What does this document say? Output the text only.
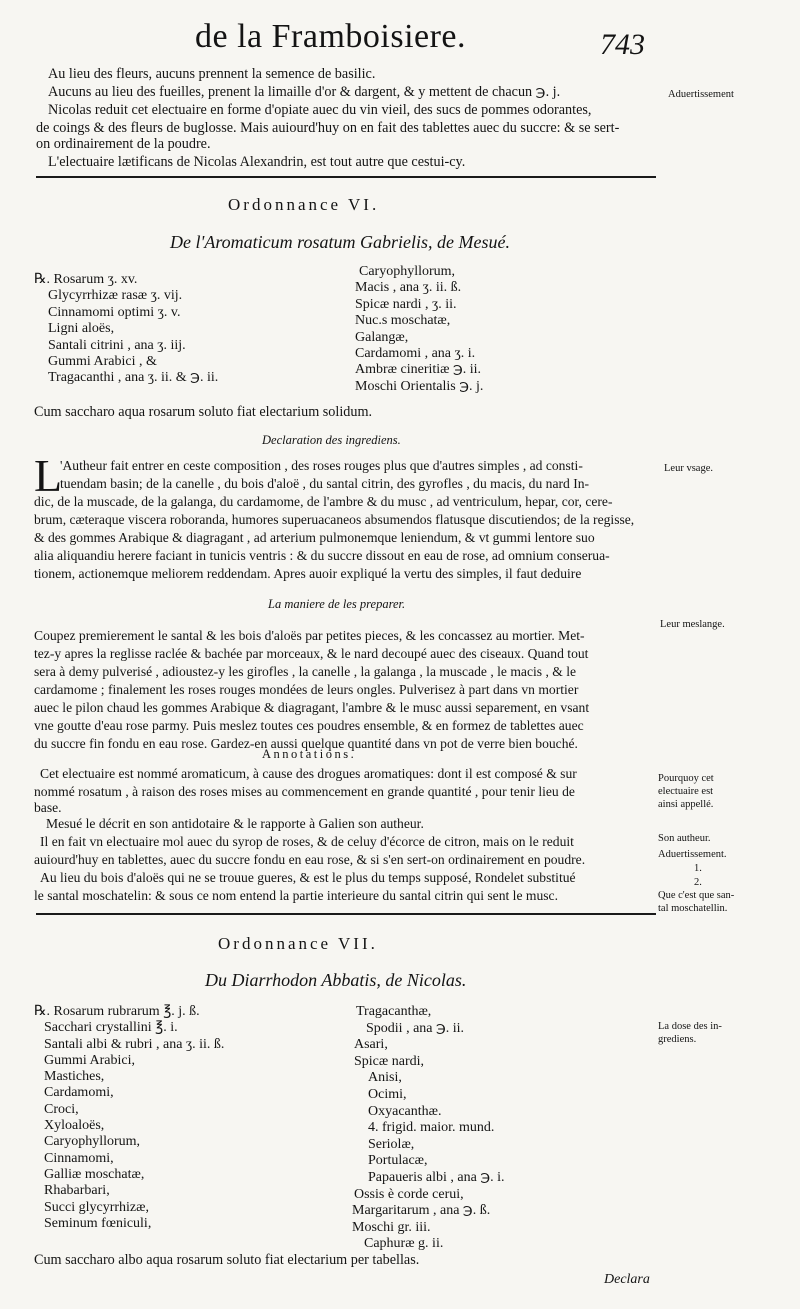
de la Framboisiere.	743
Au lieu des fleurs, aucuns prennent la semence de basilic.
Aucuns au lieu des fueilles, prenent la limaille d'or & dargent, & y mettent de chacun ℈. j.
Nicolas reduit cet electuaire en forme d'opiate auec du vin vieil, des sucs de pommes odorantes,
de coings & des fleurs de buglosse. Mais auiourd'huy on en fait des tablettes auec du succre: & se sert-
on ordinairement de la poudre.
L'electuaire lætificans de Nicolas Alexandrin, est tout autre que cestui-cy.
Aduertissement
Ordonnance VI.
De l'Aromaticum rosatum Gabrielis, de Mesué.
℞. Rosarum ʒ. xv.
Glycyrrhizæ rasæ ʒ. vij.
Cinnamomi optimi ʒ. v.
Ligni aloës,
Santali citrini , ana ʒ. iij.
Gummi Arabici , &
Tragacanthi , ana ʒ. ii. & ℈. ii.
Caryophyllorum,
Macis , ana ʒ. ii. ß.
Spicæ nardi , ʒ. ii.
Nuc.s moschatæ,
Galangæ,
Cardamomi , ana ʒ. i.
Ambræ cineritiæ ℈. ii.
Moschi Orientalis ℈. j.
Cum saccharo aqua rosarum soluto fiat electarium solidum.
Declaration des ingrediens.
L
'Autheur fait entrer en ceste composition , des roses rouges plus que d'autres simples , ad consti-
tuendam basin; de la canelle , du bois d'aloë , du santal citrin, des gyrofles , du macis, du nard In-
dic, de la muscade, de la galanga, du cardamome, de l'ambre & du musc , ad ventriculum, hepar, cor, cere-
brum, cæteraque viscera roboranda, humores superuacaneos absumendos flatusque discutiendos; de la regisse,
& des gommes Arabique & diagragant , ad arterium pulmonemque leniendum, & vt gummi lentore suo
alia aliquandiu herere faciant in tunicis ventris : & du succre dissout en eau de rose, ad omnium conserua-
tionem, actionemque meliorem reddendam. Apres auoir expliqué la vertu des simples, il faut deduire
Leur vsage.
La maniere de les preparer.
Coupez premierement le santal & les bois d'aloës par petites pieces, & les concassez au mortier. Met-
tez-y apres la reglisse raclée & bachée par morceaux, & le nard decoupé auec des ciseaux. Quand tout
sera à demy pulverisé , adioustez-y les girofles , la canelle , la galanga , la muscade , le macis , & le
cardamome ; finalement les roses rouges mondées de leurs ongles. Pulverisez à part dans vn mortier
auec le pilon chaud les gommes Arabique & diagragant, l'ambre & le musc aussi separement, en vsant
vne goutte d'eau rose parmy. Puis meslez toutes ces poudres ensemble, & en formez de tablettes auec
du succre fin fondu en eau rose. Gardez-en aussi quelque quantité dans vn pot de verre bien bouché.
Leur meslange.
Annotations.
Cet electuaire est nommé aromaticum, à cause des drogues aromatiques: dont il est composé & sur
nommé rosatum , à raison des roses mises au commencement en grande quantité , pour tenir lieu de
base.
Mesué le décrit en son antidotaire & le rapporte à Galien son autheur.
Il en fait vn electuaire mol auec du syrop de roses, & de celuy d'écorce de citron, mais on le reduit
auiourd'huy en tablettes, auec du succre fondu en eau rose, & si s'en sert-on ordinairement en poudre.
Au lieu du bois d'aloës qui ne se trouue gueres, & est le plus du temps supposé, Rondelet substitué
le santal moschatelin: & sous ce nom entend la partie interieure du santal citrin qui sent le musc.
Pourquoy cet
electuaire est
ainsi appellé.
Son autheur.
Aduertissement.
1.
2.
Que c'est que san-
tal moschatellin.
Ordonnance VII.
Du Diarrhodon Abbatis, de Nicolas.
℞. Rosarum rubrarum ℥. j. ß.
Sacchari crystallini ℥. i.
Santali albi & rubri , ana ʒ. ii. ß.
Gummi Arabici,
Mastiches,
Cardamomi,
Croci,
Xyloaloës,
Caryophyllorum,
Cinnamomi,
Galliæ moschatæ,
Rhabarbari,
Succi glycyrrhizæ,
Seminum fœniculi,
Tragacanthæ,
Spodii , ana ℈. ii.
Asari,
Spicæ nardi,
Anisi,
Ocimi,
Oxyacanthæ.
4. frigid. maior. mund.
Seriolæ,
Portulacæ,
Papaueris albi , ana ℈. i.
Ossis è corde cerui,
Margaritarum , ana ℈. ß.
Moschi gr. iii.
Caphuræ g. ii.
La dose des in-
grediens.
Cum saccharo albo aqua rosarum soluto fiat electarium per tabellas.
Declara
